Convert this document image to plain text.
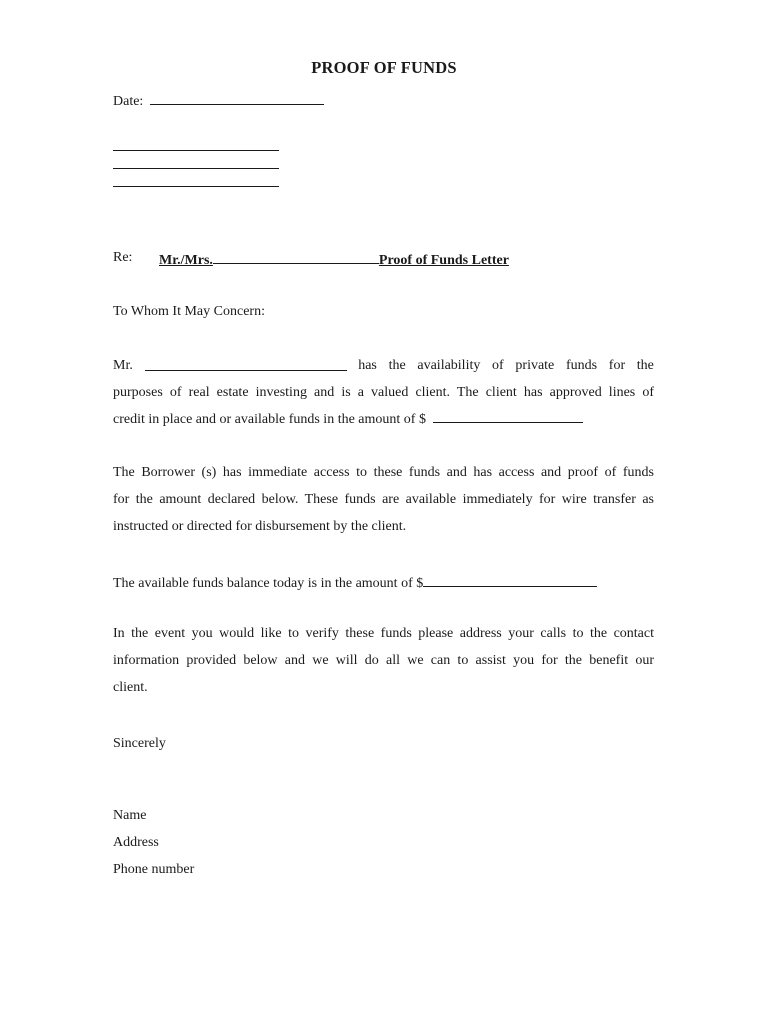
PROOF OF FUNDS
Date:
Re: Mr./Mrs.	Proof of Funds Letter
To Whom It May Concern:
Mr.	has the availability of private funds for the
purposes of real estate investing and is a valued client. The client has approved lines of
credit in place and or available funds in the amount of $
The Borrower (s) has immediate access to these funds and has access and proof of funds
for the amount declared below. These funds are available immediately for wire transfer as
instructed or directed for disbursement by the client.
The available funds balance today is in the amount of $
In the event you would like to verify these funds please address your calls to the contact
information provided below and we will do all we can to assist you for the benefit our
client.
Sincerely
Name
Address
Phone number
